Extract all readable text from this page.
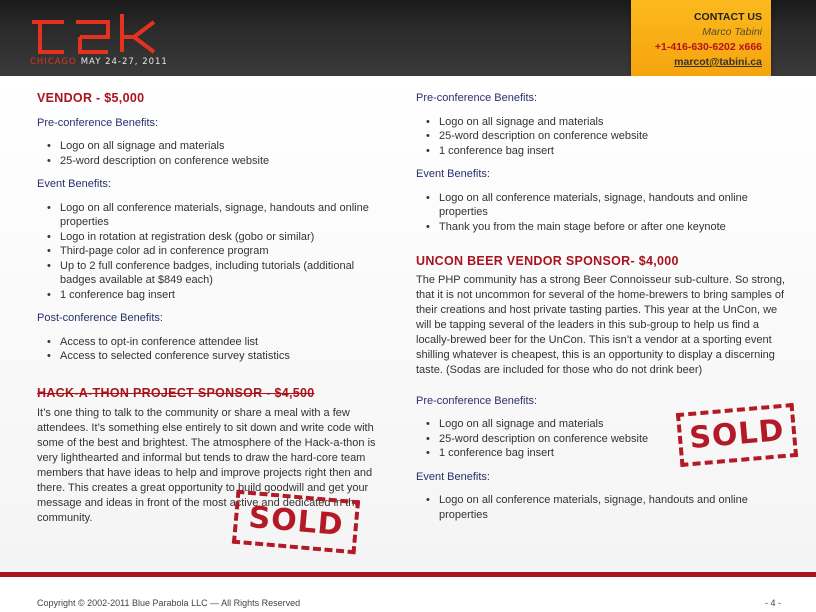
CHICAGO MAY 24-27, 2011
CONTACT US
Marco Tabini
+1-416-630-6202 x666
marcot@tabini.ca
VENDOR - $5,000
Pre-conference Benefits:
• Logo on all signage and materials
• 25-word description on conference website
Event Benefits:
• Logo on all conference materials, signage, handouts and online properties
• Logo in rotation at registration desk (gobo or similar)
• Third-page color ad in conference program
• Up to 2 full conference badges, including tutorials (additional badges available at $849 each)
• 1 conference bag insert
Post-conference Benefits:
• Access to opt-in conference attendee list
• Access to selected conference survey statistics
HACK-A-THON PROJECT SPONSOR - $4,500
It’s one thing to talk to the community or share a meal with a few attendees. It’s something else entirely to sit down and write code with some of the best and brightest. The atmosphere of the Hack-a-thon is very lighthearted and informal but tends to draw the hard-core team members that have ideas to help and improve projects right then and there. This creates a great opportunity to build goodwill and get your message and ideas in front of the most active and dedicated in the community.
Pre-conference Benefits:
• Logo on all signage and materials
• 25-word description on conference website
• 1 conference bag insert
Event Benefits:
• Logo on all conference materials, signage, handouts and online properties
• Thank you from the main stage before or after one keynote
UNCON BEER VENDOR SPONSOR- $4,000
The PHP community has a strong Beer Connoisseur sub-culture. So strong, that it is not uncommon for several of the home-brewers to bring samples of their creations and host private tasting parties. This year at the UnCon, we will be tapping several of the leaders in this sub-group to help us find a locally-brewed beer for the UnCon. This isn’t a vendor at a sporting event shilling whatever is cheapest, this is an opportunity to display a discerning taste. (Sodas are included for those who do not drink beer)
Pre-conference Benefits:
• Logo on all signage and materials
• 25-word description on conference website
• 1 conference bag insert
Event Benefits:
• Logo on all conference materials, signage, handouts and online properties
SOLD
SOLD
Copyright © 2002-2011 Blue Parabola LLC — All Rights Reserved	- 4 -
